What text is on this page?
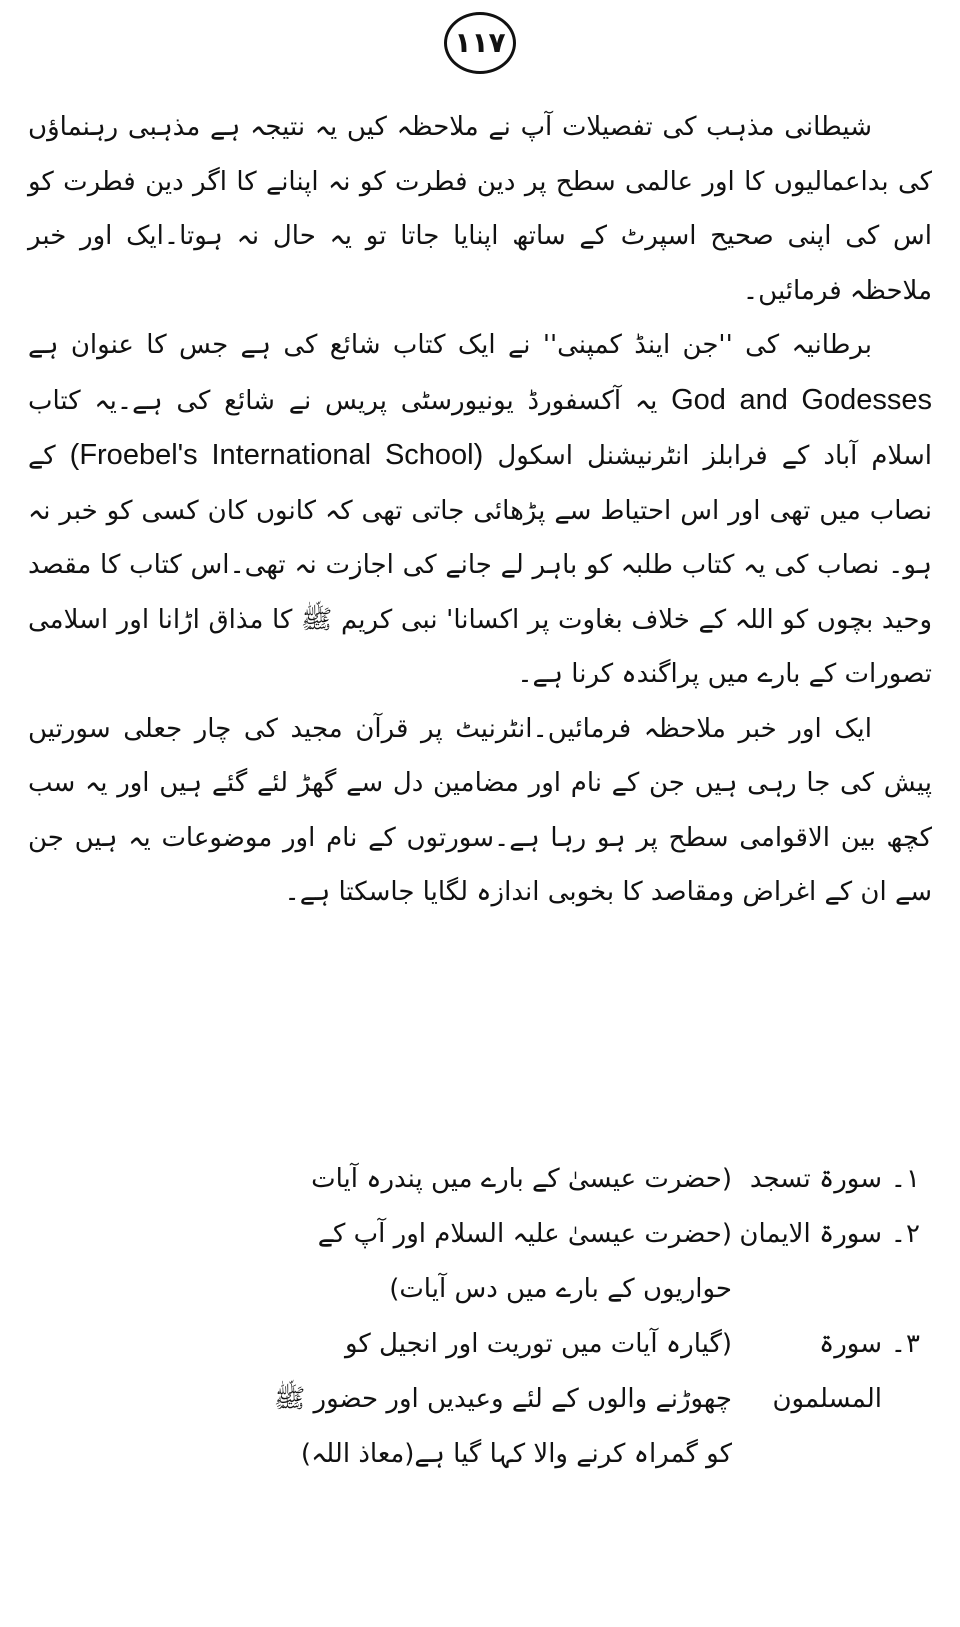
۱۱۷

شیطانی مذہب کی تفصیلات آپ نے ملاحظہ کیں یہ نتیجہ ہے مذہبی رہنماؤں کی بداعمالیوں کا اور عالمی سطح پر دین فطرت کو نہ اپنانے کا اگر دین فطرت کو اس کی اپنی صحیح اسپرٹ کے ساتھ اپنایا جاتا تو یہ حال نہ ہوتا۔ایک اور خبر ملاحظہ فرمائیں۔

برطانیہ کی ''جن اینڈ کمپنی'' نے ایک کتاب شائع کی ہے جس کا عنوان ہے God and Godesses یہ آکسفورڈ یونیورسٹی پریس نے شائع کی ہے۔یہ کتاب اسلام آباد کے فرابلز انٹرنیشنل اسکول (Froebel's International School) کے نصاب میں تھی اور اس احتیاط سے پڑھائی جاتی تھی کہ کانوں کان کسی کو خبر نہ ہو۔ نصاب کی یہ کتاب طلبہ کو باہر لے جانے کی اجازت نہ تھی۔اس کتاب کا مقصد وحید بچوں کو اللہ کے خلاف بغاوت پر اکسانا' نبی کریم ﷺ کا مذاق اڑانا اور اسلامی تصورات کے بارے میں پراگندہ کرنا ہے۔

ایک اور خبر ملاحظہ فرمائیں۔انٹرنیٹ پر قرآن مجید کی چار جعلی سورتیں پیش کی جا رہی ہیں جن کے نام اور مضامین دل سے گھڑ لئے گئے ہیں اور یہ سب کچھ بین الاقوامی سطح پر ہو رہا ہے۔سورتوں کے نام اور موضوعات یہ ہیں جن سے ان کے اغراض ومقاصد کا بخوبی اندازہ لگایا جاسکتا ہے۔

۱۔
سورۃ تسجد
(حضرت عیسیٰ کے بارے میں پندرہ آیات
۲۔
سورۃ الایمان
(حضرت عیسیٰ علیہ السلام اور آپ کے حواریوں کے بارے میں دس آیات)
۳۔
سورۃ المسلمون
(گیارہ آیات میں توریت اور انجیل کو چھوڑنے والوں کے لئے وعیدیں اور حضور ﷺ کو گمراہ کرنے والا کہا گیا ہے(معاذ اللہ)
